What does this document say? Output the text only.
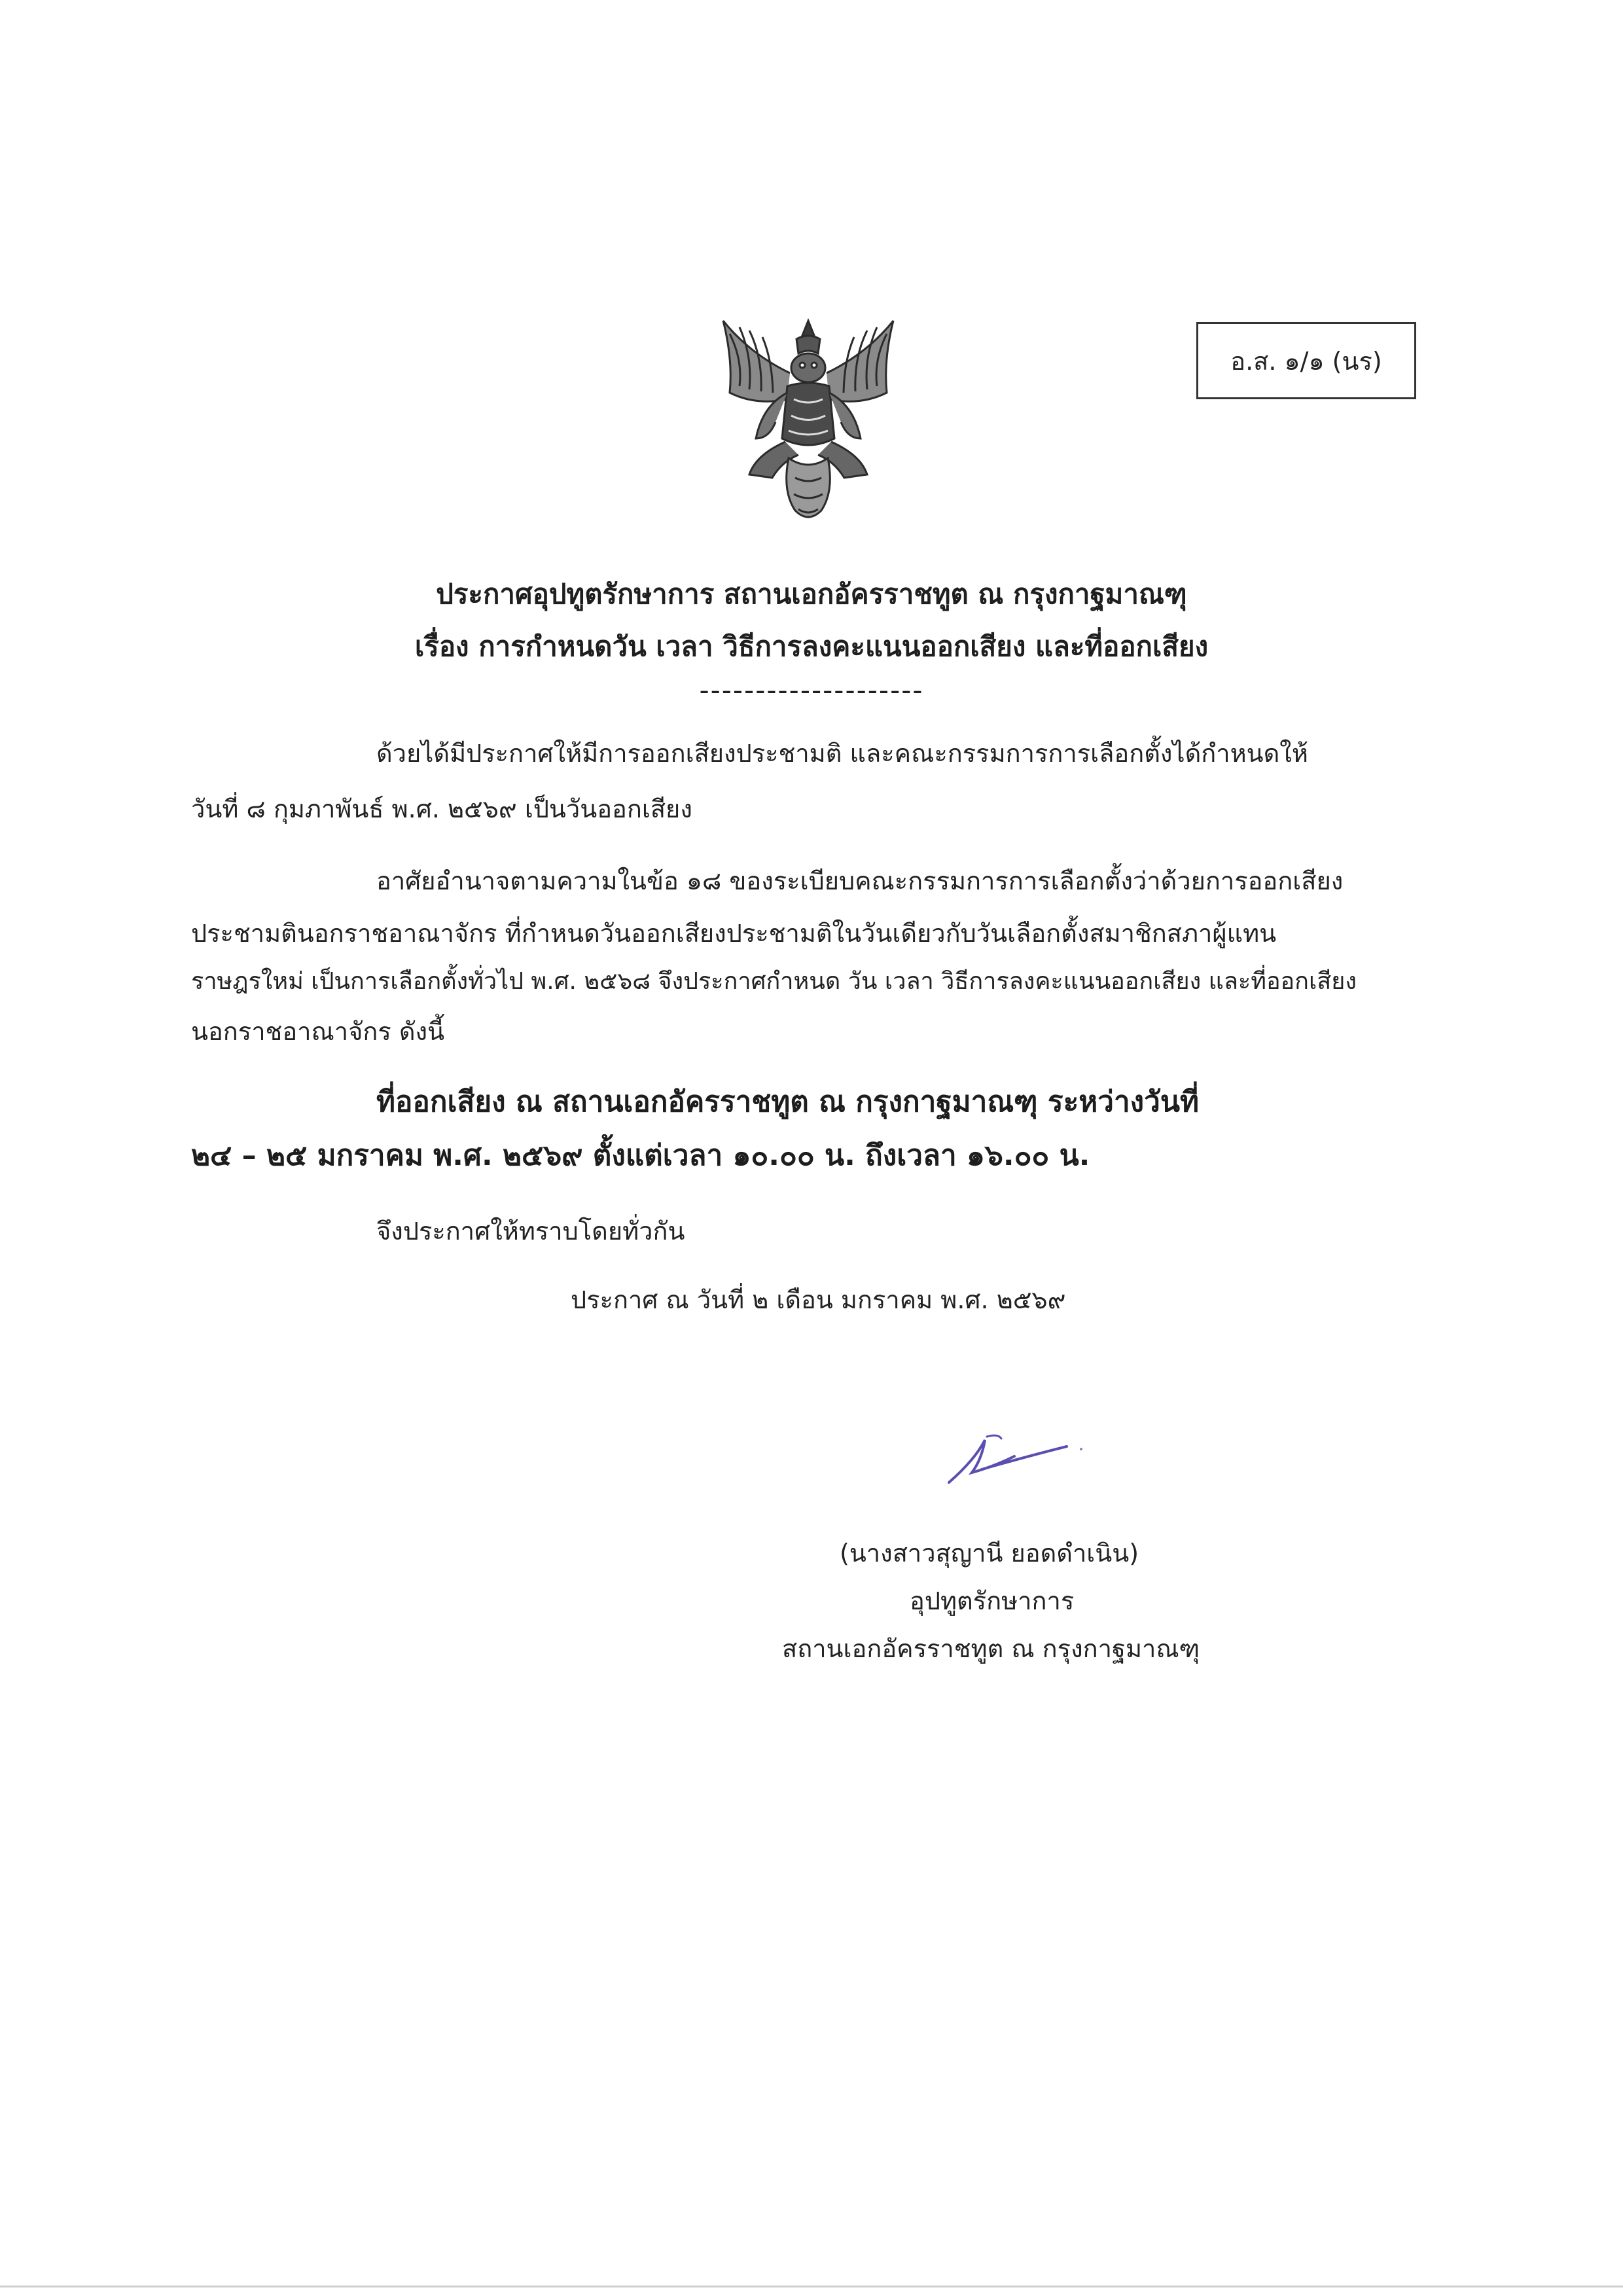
อ.ส. ๑/๑ (นร)
ประกาศอุปทูตรักษาการ สถานเอกอัครราชทูต ณ กรุงกาฐมาณฑุ
เรื่อง การกำหนดวัน เวลา วิธีการลงคะแนนออกเสียง และที่ออกเสียง
--------------------
ด้วยได้มีประกาศให้มีการออกเสียงประชามติ และคณะกรรมการการเลือกตั้งได้กำหนดให้
วันที่ ๘ กุมภาพันธ์ พ.ศ. ๒๕๖๙ เป็นวันออกเสียง
อาศัยอำนาจตามความในข้อ ๑๘ ของระเบียบคณะกรรมการการเลือกตั้งว่าด้วยการออกเสียง
ประชามตินอกราชอาณาจักร ที่กำหนดวันออกเสียงประชามติในวันเดียวกับวันเลือกตั้งสมาชิกสภาผู้แทน
ราษฎรใหม่ เป็นการเลือกตั้งทั่วไป พ.ศ. ๒๕๖๘ จึงประกาศกำหนด วัน เวลา วิธีการลงคะแนนออกเสียง และที่ออกเสียง
นอกราชอาณาจักร ดังนี้
ที่ออกเสียง ณ สถานเอกอัครราชทูต ณ กรุงกาฐมาณฑุ ระหว่างวันที่
๒๔ – ๒๕ มกราคม พ.ศ. ๒๕๖๙ ตั้งแต่เวลา ๑๐.๐๐ น. ถึงเวลา ๑๖.๐๐ น.
จึงประกาศให้ทราบโดยทั่วกัน
ประกาศ ณ วันที่ ๒ เดือน มกราคม พ.ศ. ๒๕๖๙
(นางสาวสุญานี ยอดดำเนิน)
อุปทูตรักษาการ
สถานเอกอัครราชทูต ณ กรุงกาฐมาณฑุ
